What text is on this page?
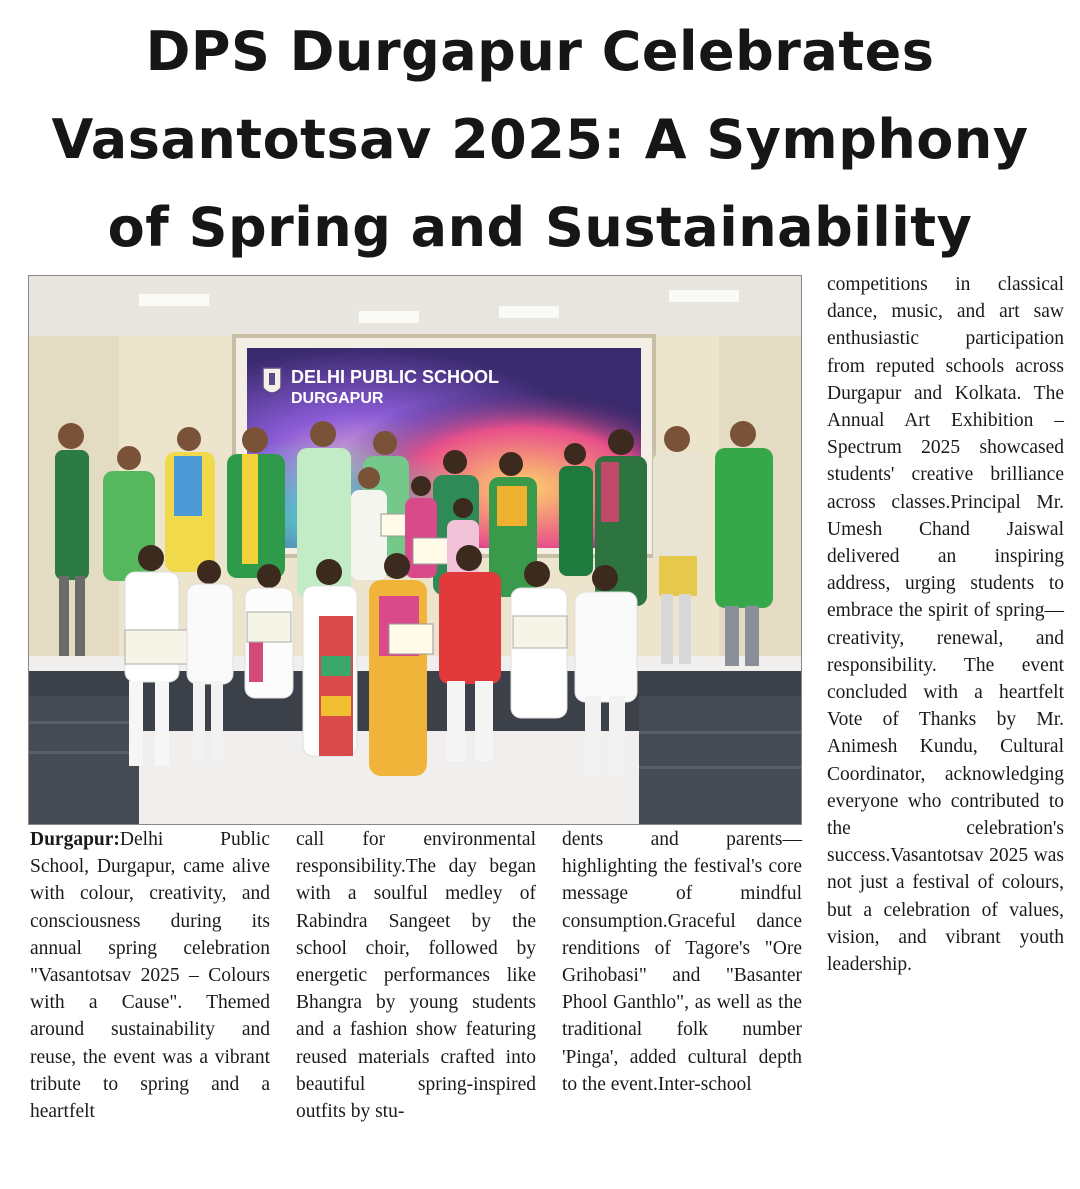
DPS Durgapur Celebrates Vasantotsav 2025: A Symphony of Spring and Sustainability
DELHI PUBLIC SCHOOL
DURGAPUR

Durgapur:Delhi Public School, Durgapur, came alive with colour, creativity, and consciousness during its annual spring celebration "Vasantotsav 2025 – Colours with a Cause". Themed around sustainability and reuse, the event was a vibrant tribute to spring and a heartfelt

call for environmental responsibility.The day began with a soulful medley of Rabindra Sangeet by the school choir, followed by energetic performances like Bhangra by young students and a fashion show featuring reused materials crafted into beautiful spring-inspired outfits by stu-

dents and parents—highlighting the festival's core message of mindful consumption.Graceful dance renditions of Tagore's "Ore Grihobasi" and "Basanter Phool Ganthlo", as well as the traditional folk number 'Pinga', added cultural depth to the event.Inter-school

competitions in classical dance, music, and art saw enthusiastic participation from reputed schools across Durgapur and Kolkata. The Annual Art Exhibition – Spectrum 2025 showcased students' creative brilliance across classes.Principal Mr. Umesh Chand Jaiswal delivered an inspiring address, urging students to embrace the spirit of spring—creativity, renewal, and responsibility. The event concluded with a heartfelt Vote of Thanks by Mr. Animesh Kundu, Cultural Coordinator, acknowledging everyone who contributed to the celebration's success.Vasantotsav 2025 was not just a festival of colours, but a celebration of values, vision, and vibrant youth leadership.
